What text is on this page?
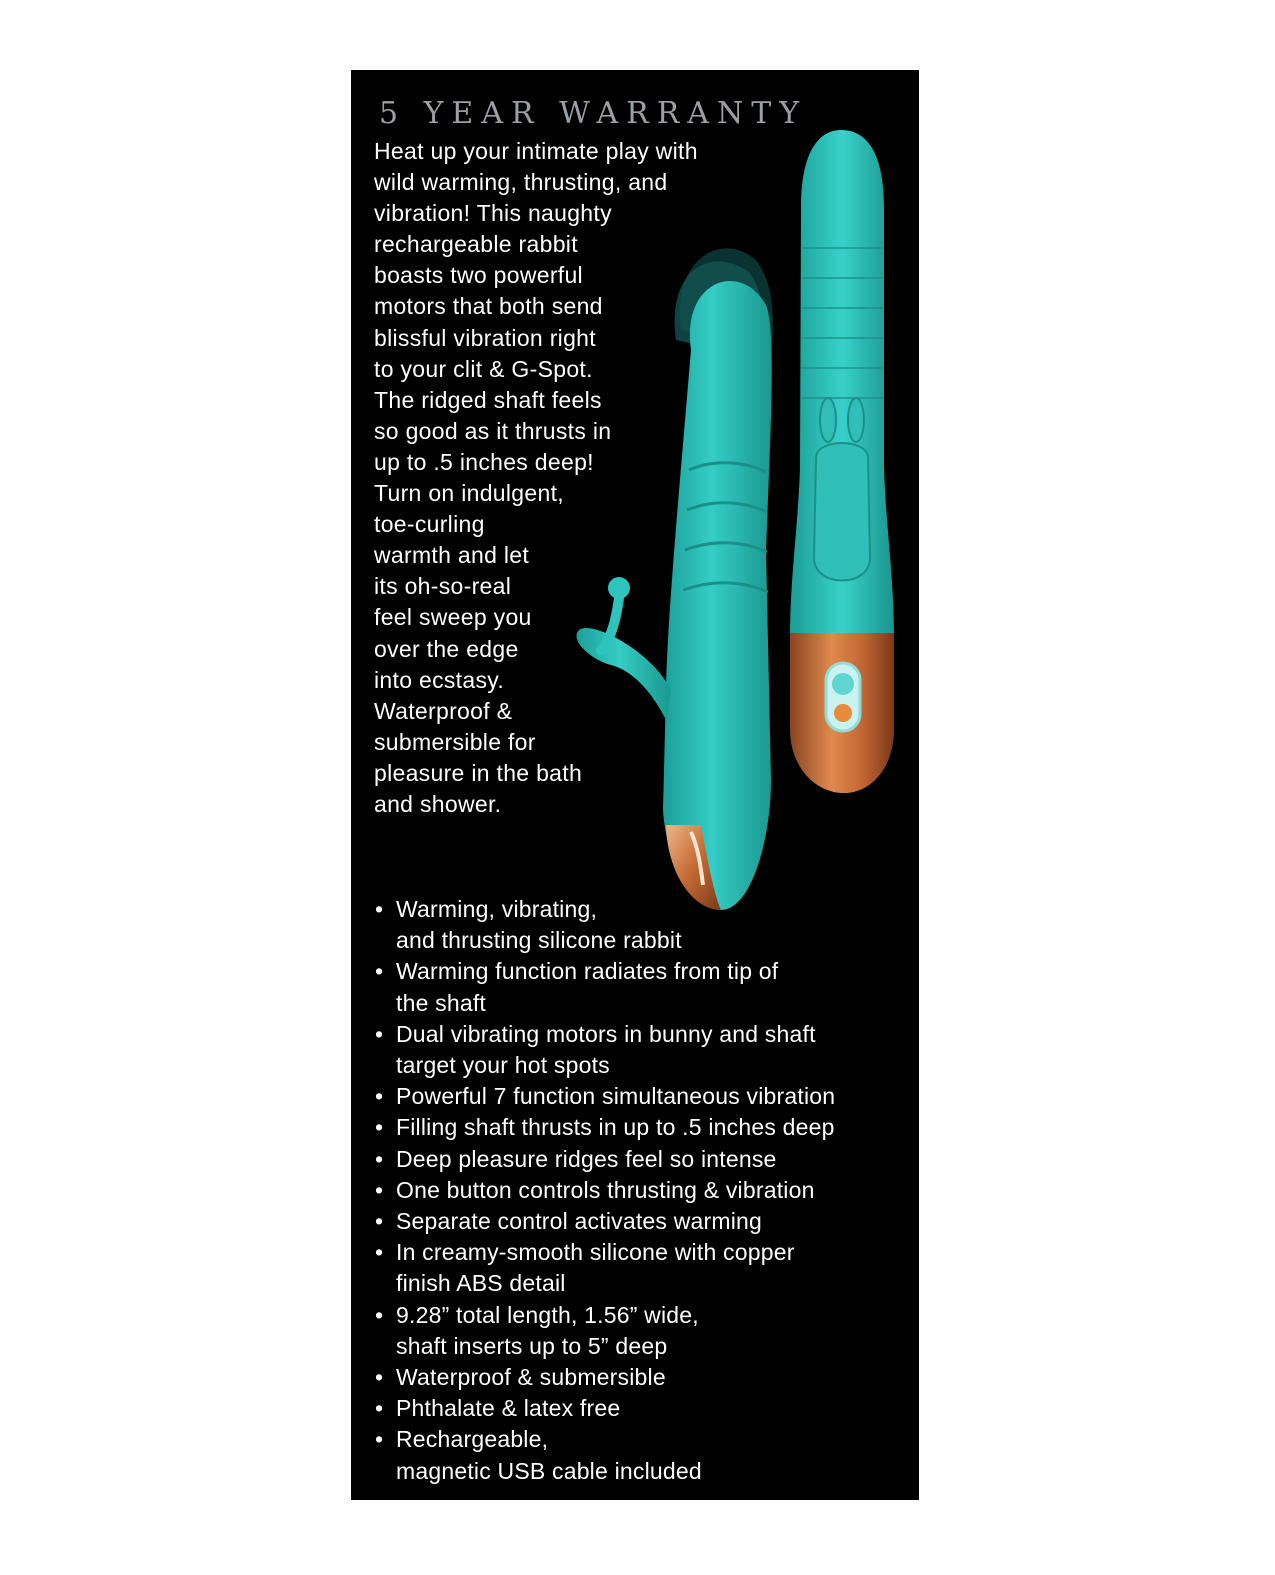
5 YEAR WARRANTY
Heat up your intimate play with
wild warming, thrusting, and
vibration! This naughty
rechargeable rabbit
boasts two powerful
motors that both send
blissful vibration right
to your clit & G-Spot.
The ridged shaft feels
so good as it thrusts in
up to .5 inches deep!
Turn on indulgent,
toe-curling
warmth and let
its oh-so-real
feel sweep you
over the edge
into ecstasy.
Waterproof &
submersible for
pleasure in the bath
and shower.
• Warming, vibrating,
and thrusting silicone rabbit
• Warming function radiates from tip of
the shaft
• Dual vibrating motors in bunny and shaft
target your hot spots
• Powerful 7 function simultaneous vibration
• Filling shaft thrusts in up to .5 inches deep
• Deep pleasure ridges feel so intense
• One button controls thrusting & vibration
• Separate control activates warming
• In creamy-smooth silicone with copper
finish ABS detail
• 9.28” total length, 1.56” wide,
shaft inserts up to 5” deep
• Waterproof & submersible
• Phthalate & latex free
• Rechargeable,
magnetic USB cable included
